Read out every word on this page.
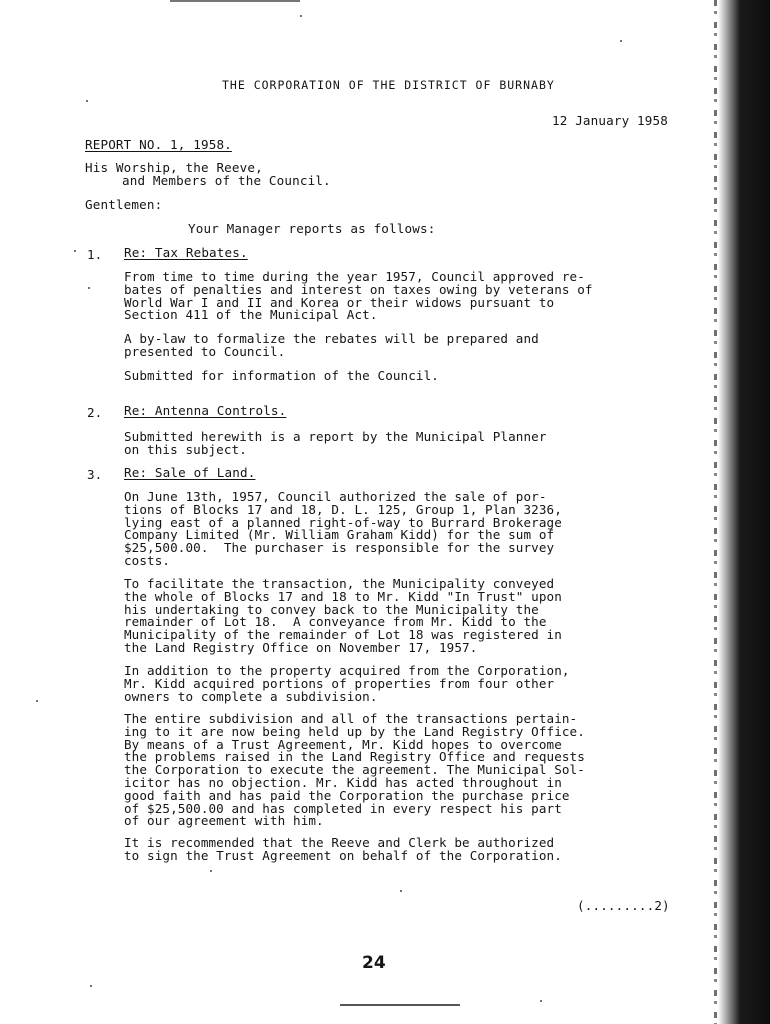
THE CORPORATION OF THE DISTRICT OF BURNABY
12 January 1958
REPORT NO. 1, 1958.
His Worship, the Reeve,
and Members of the Council.
Gentlemen:
Your Manager reports as follows:
1. Re: Tax Rebates.
From time to time during the year 1957, Council approved re-
bates of penalties and interest on taxes owing by veterans of
World War I and II and Korea or their widows pursuant to
Section 411 of the Municipal Act.
A by-law to formalize the rebates will be prepared and
presented to Council.
Submitted for information of the Council.
2. Re: Antenna Controls.
Submitted herewith is a report by the Municipal Planner
on this subject.
3. Re: Sale of Land.
On June 13th, 1957, Council authorized the sale of por-
tions of Blocks 17 and 18, D. L. 125, Group 1, Plan 3236,
lying east of a planned right-of-way to Burrard Brokerage
Company Limited (Mr. William Graham Kidd) for the sum of
$25,500.00.  The purchaser is responsible for the survey
costs.
To facilitate the transaction, the Municipality conveyed
the whole of Blocks 17 and 18 to Mr. Kidd "In Trust" upon
his undertaking to convey back to the Municipality the
remainder of Lot 18.  A conveyance from Mr. Kidd to the
Municipality of the remainder of Lot 18 was registered in
the Land Registry Office on November 17, 1957.
In addition to the property acquired from the Corporation,
Mr. Kidd acquired portions of properties from four other
owners to complete a subdivision.
The entire subdivision and all of the transactions pertain-
ing to it are now being held up by the Land Registry Office.
By means of a Trust Agreement, Mr. Kidd hopes to overcome
the problems raised in the Land Registry Office and requests
the Corporation to execute the agreement. The Municipal Sol-
icitor has no objection. Mr. Kidd has acted throughout in
good faith and has paid the Corporation the purchase price
of $25,500.00 and has completed in every respect his part
of our agreement with him.
It is recommended that the Reeve and Clerk be authorized
to sign the Trust Agreement on behalf of the Corporation.
(.........2)
24
